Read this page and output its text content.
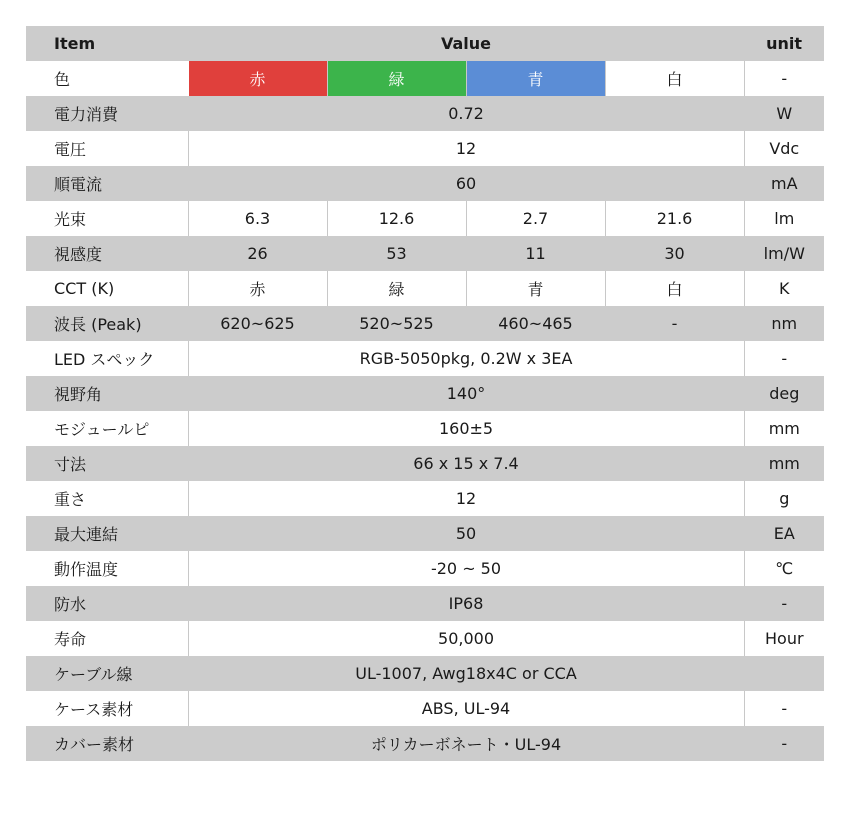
Item	Value				unit
色	赤	緑	青	白	-
電力消費	0.72				W
電圧	12				Vdc
順電流	60				mA
光束	6.3	12.6	2.7	21.6	lm
視感度	26	53	11	30	lm/W
CCT (K)	赤	緑	青	白	K
波長 (Peak)	620~625	520~525	460~465	-	nm
LED スペック	RGB-5050pkg, 0.2W x 3EA				-
視野角	140°				deg
モジュールピ	160±5				mm
寸法	66 x 15 x 7.4				mm
重さ	12				g
最大連結	50				EA
動作温度	-20 ~ 50				℃
防水	IP68				-
寿命	50,000				Hour
ケーブル線	UL-1007, Awg18x4C or CCA				
ケース素材	ABS, UL-94				-
カバー素材	ポリカーボネート・UL-94				-
